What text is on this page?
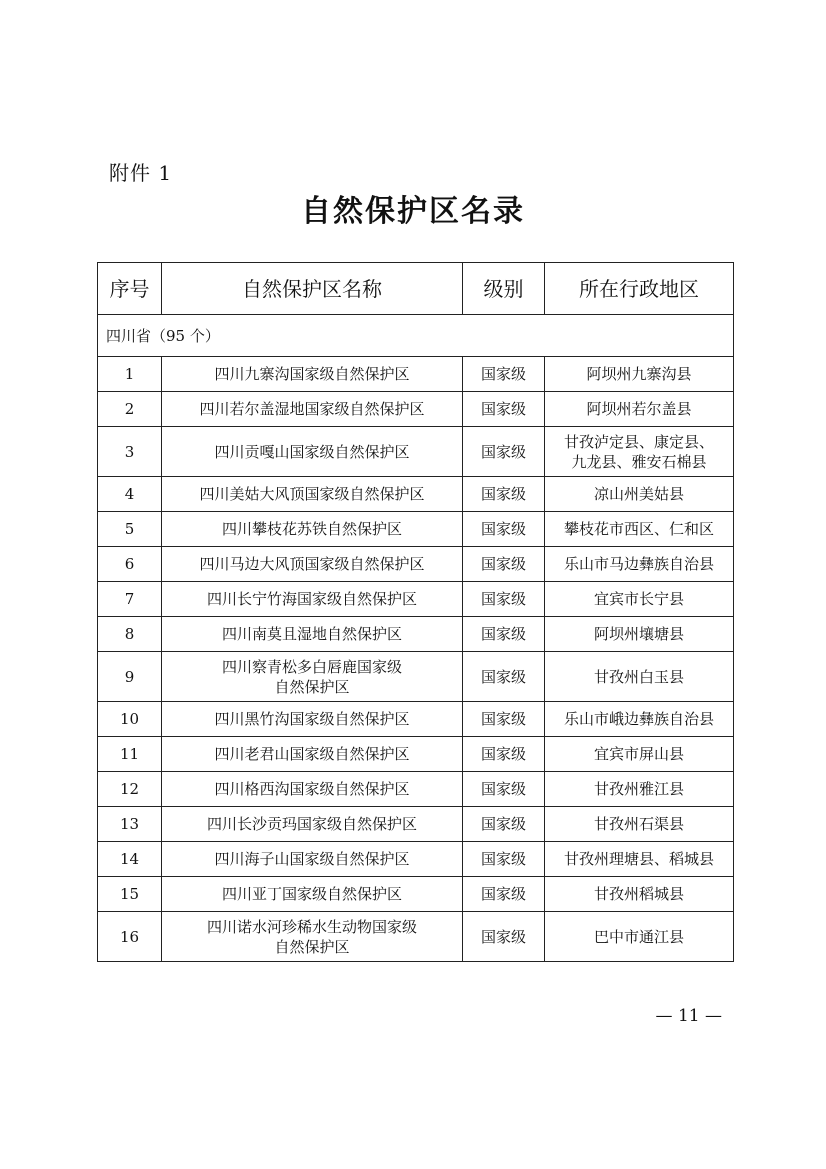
附件 1
自然保护区名录
序号	自然保护区名称	级别	所在行政地区
四川省（95 个）			
1	四川九寨沟国家级自然保护区	国家级	阿坝州九寨沟县
2	四川若尔盖湿地国家级自然保护区	国家级	阿坝州若尔盖县
3	四川贡嘎山国家级自然保护区	国家级	甘孜泸定县、康定县、
九龙县、雅安石棉县

4	四川美姑大风顶国家级自然保护区	国家级	凉山州美姑县
5	四川攀枝花苏铁自然保护区	国家级	攀枝花市西区、仁和区
6	四川马边大风顶国家级自然保护区	国家级	乐山市马边彝族自治县
7	四川长宁竹海国家级自然保护区	国家级	宜宾市长宁县
8	四川南莫且湿地自然保护区	国家级	阿坝州壤塘县
9	四川察青松多白唇鹿国家级
自然保护区	国家级	甘孜州白玉县
10	四川黑竹沟国家级自然保护区	国家级	乐山市峨边彝族自治县
11	四川老君山国家级自然保护区	国家级	宜宾市屏山县
12	四川格西沟国家级自然保护区	国家级	甘孜州雅江县
13	四川长沙贡玛国家级自然保护区	国家级	甘孜州石渠县
14	四川海子山国家级自然保护区	国家级	甘孜州理塘县、稻城县
15	四川亚丁国家级自然保护区	国家级	甘孜州稻城县
16	四川诺水河珍稀水生动物国家级
自然保护区	国家级	巴中市通江县
— 11 —
